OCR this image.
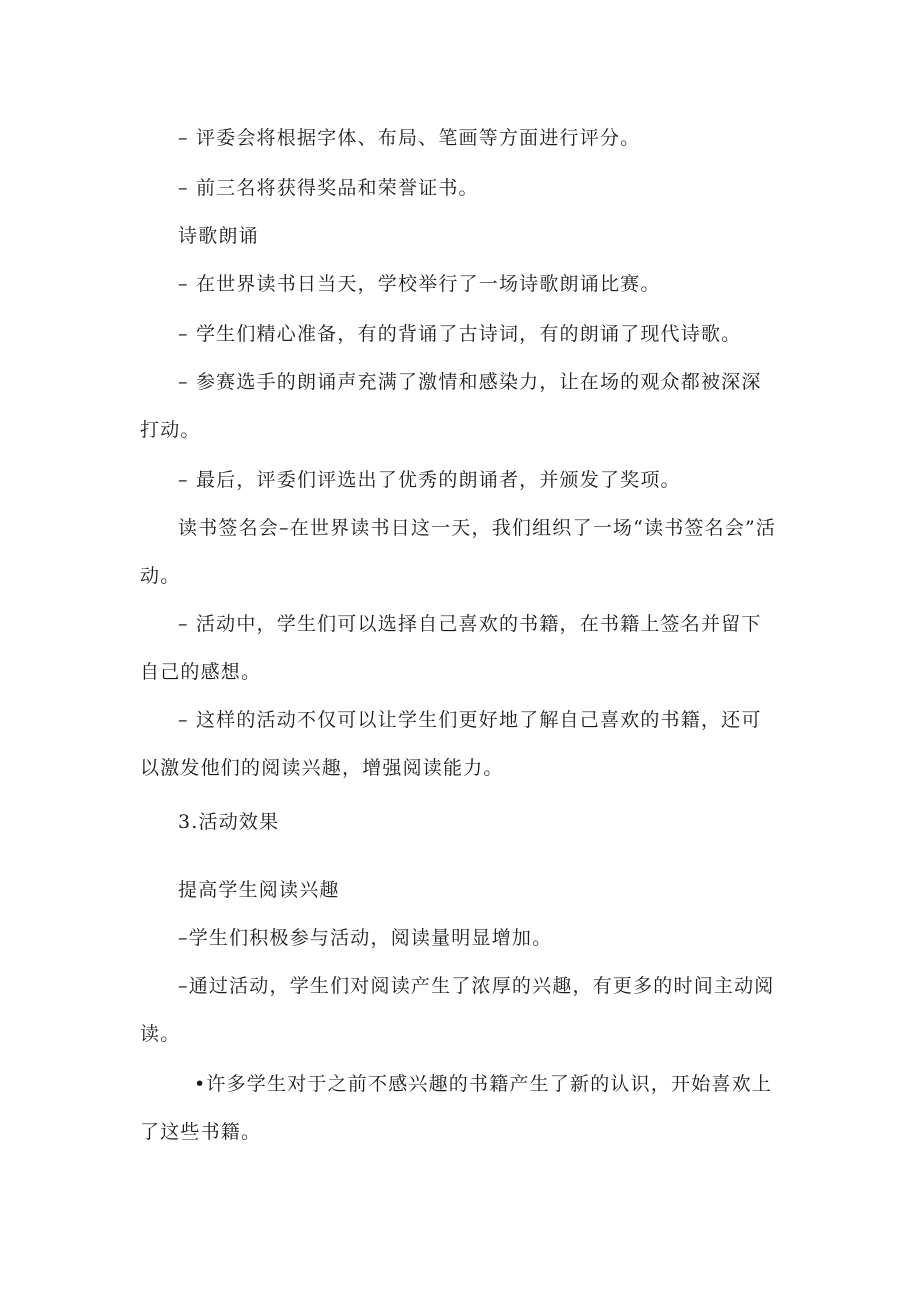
– 评委会将根据字体、布局、笔画等方面进行评分。

– 前三名将获得奖品和荣誉证书。

诗歌朗诵

– 在世界读书日当天，学校举行了一场诗歌朗诵比赛。

– 学生们精心准备，有的背诵了古诗词，有的朗诵了现代诗歌。

– 参赛选手的朗诵声充满了激情和感染力，让在场的观众都被深深打动。

– 最后，评委们评选出了优秀的朗诵者，并颁发了奖项。

读书签名会–在世界读书日这一天，我们组织了一场“读书签名会”活动。

– 活动中，学生们可以选择自己喜欢的书籍，在书籍上签名并留下自己的感想。

– 这样的活动不仅可以让学生们更好地了解自己喜欢的书籍，还可以激发他们的阅读兴趣，增强阅读能力。

3.活动效果

提高学生阅读兴趣

–学生们积极参与活动，阅读量明显增加。

–通过活动，学生们对阅读产生了浓厚的兴趣，有更多的时间主动阅读。

•许多学生对于之前不感兴趣的书籍产生了新的认识，开始喜欢上了这些书籍。
